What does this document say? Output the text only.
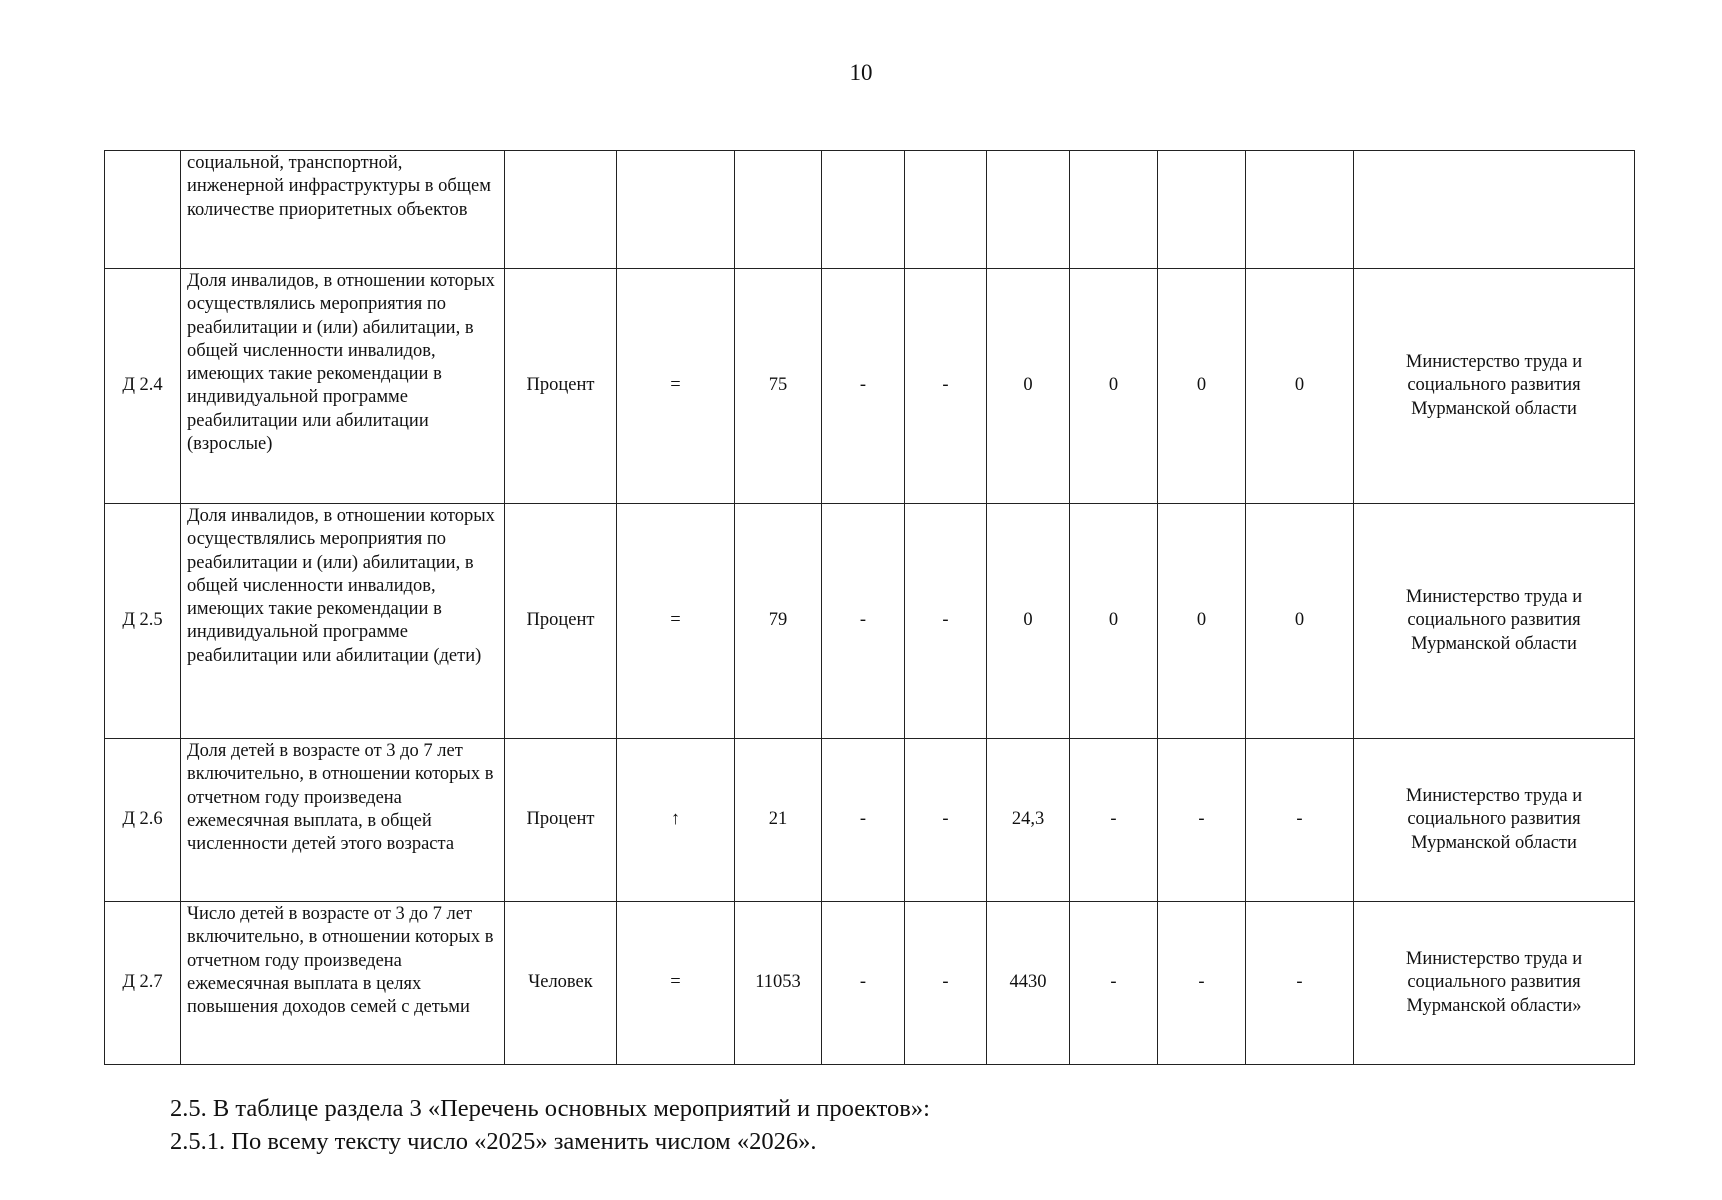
10
	социальной, транспортной, инженерной инфраструктуры в общем количестве приоритетных объектов										
Д 2.4	Доля инвалидов, в отношении которых осуществлялись мероприятия по реабилитации и (или) абилитации, в общей численности инвалидов, имеющих такие рекомендации в индивидуальной программе реабилитации или абилитации (взрослые)	Процент	=	75	-	-	0	0	0	0	Министерство труда и социального развития Мурманской области
Д 2.5	Доля инвалидов, в отношении которых осуществлялись мероприятия по реабилитации и (или) абилитации, в общей численности инвалидов, имеющих такие рекомендации в индивидуальной программе реабилитации или абилитации (дети)	Процент	=	79	-	-	0	0	0	0	Министерство труда и социального развития Мурманской области
Д 2.6	Доля детей в возрасте от 3 до 7 лет включительно, в отношении которых в отчетном году произведена ежемесячная выплата, в общей численности детей этого возраста	Процент	↑	21	-	-	24,3	-	-	-	Министерство труда и социального развития Мурманской области
Д 2.7	Число детей в возрасте от 3 до 7 лет включительно, в отношении которых в отчетном году произведена ежемесячная выплата в целях повышения доходов семей с детьми	Человек	=	11053	-	-	4430	-	-	-	Министерство труда и социального развития Мурманской области»

2.5. В таблице раздела 3 «Перечень основных мероприятий и проектов»:

2.5.1. По всему тексту число «2025» заменить числом «2026».
